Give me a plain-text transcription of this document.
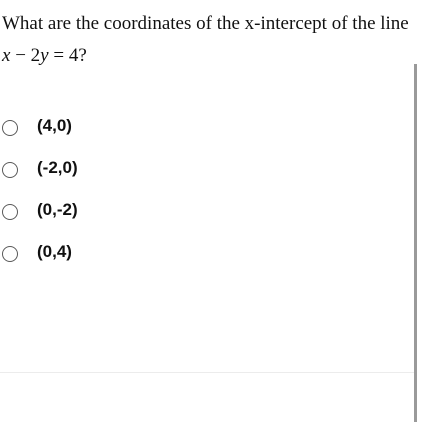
What are the coordinates of the x-intercept of the line x − 2y = 4?
(4,0)
(-2,0)
(0,-2)
(0,4)
